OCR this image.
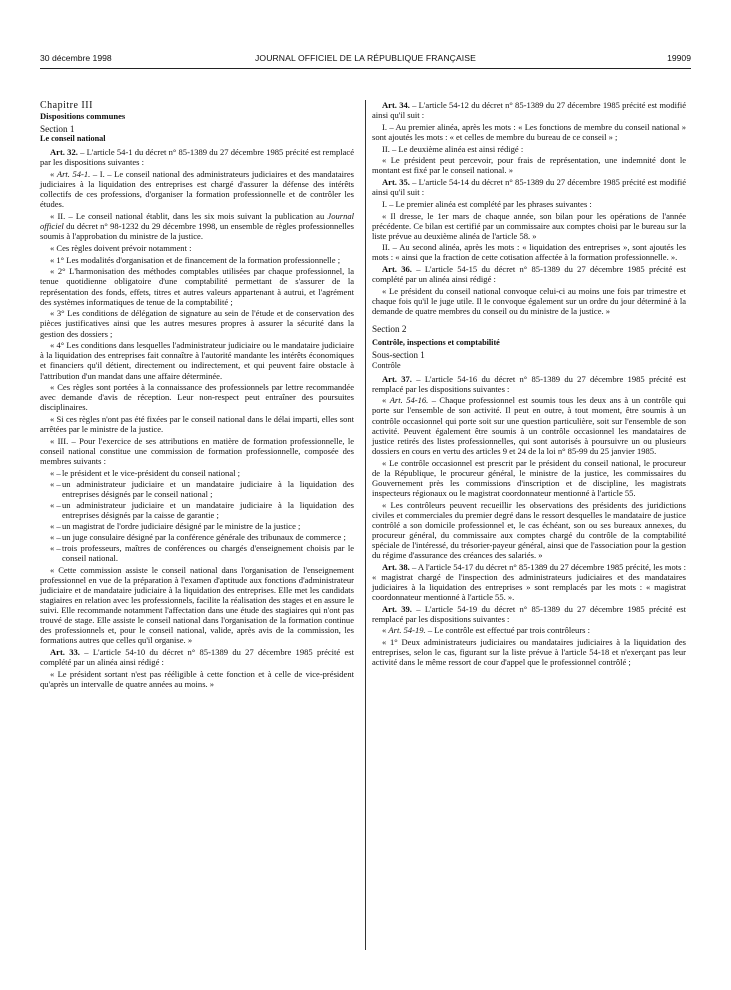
30 décembre 1998	JOURNAL OFFICIEL DE LA RÉPUBLIQUE FRANÇAISE	19909

Chapitre III

Dispositions communes

Section 1

Le conseil national

Art. 32. – L'article 54-1 du décret n° 85-1389 du 27 décembre 1985 précité est remplacé par les dispositions suivantes :

« Art. 54-1. – I. – Le conseil national des administrateurs judiciaires et des mandataires judiciaires à la liquidation des entreprises est chargé d'assurer la défense des intérêts collectifs de ces professions, d'organiser la formation professionnelle et de contrôler les études.

« II. – Le conseil national établit, dans les six mois suivant la publication au Journal officiel du décret n° 98-1232 du 29 décembre 1998, un ensemble de règles professionnelles soumis à l'approbation du ministre de la justice.

« Ces règles doivent prévoir notamment :

« 1° Les modalités d'organisation et de financement de la formation professionnelle ;

« 2° L'harmonisation des méthodes comptables utilisées par chaque professionnel, la tenue quotidienne obligatoire d'une comptabilité permettant de s'assurer de la représentation des fonds, effets, titres et autres valeurs appartenant à autrui, et l'agrément des systèmes informatiques de tenue de la comptabilité ;

« 3° Les conditions de délégation de signature au sein de l'étude et de conservation des pièces justificatives ainsi que les autres mesures propres à assurer la sécurité dans la gestion des dossiers ;

« 4° Les conditions dans lesquelles l'administrateur judiciaire ou le mandataire judiciaire à la liquidation des entreprises fait connaître à l'autorité mandante les intérêts économiques et financiers qu'il détient, directement ou indirectement, et qui peuvent faire obstacle à l'attribution d'un mandat dans une affaire déterminée.

« Ces règles sont portées à la connaissance des professionnels par lettre recommandée avec demande d'avis de réception. Leur non-respect peut entraîner des poursuites disciplinaires.

« Si ces règles n'ont pas été fixées par le conseil national dans le délai imparti, elles sont arrêtées par le ministre de la justice.

« III. – Pour l'exercice de ses attributions en matière de formation professionnelle, le conseil national constitue une commission de formation professionnelle, composée des membres suivants :

« – le président et le vice-président du conseil national ;
« – un administrateur judiciaire et un mandataire judiciaire à la liquidation des entreprises désignés par le conseil national ;
« – un administrateur judiciaire et un mandataire judiciaire à la liquidation des entreprises désignés par la caisse de garantie ;
« – un magistrat de l'ordre judiciaire désigné par le ministre de la justice ;
« – un juge consulaire désigné par la conférence générale des tribunaux de commerce ;
« – trois professeurs, maîtres de conférences ou chargés d'enseignement choisis par le conseil national.

« Cette commission assiste le conseil national dans l'organisation de l'enseignement professionnel en vue de la préparation à l'examen d'aptitude aux fonctions d'administrateur judiciaire et de mandataire judiciaire à la liquidation des entreprises. Elle met les candidats stagiaires en relation avec les professionnels, facilite la réalisation des stages et en assure le suivi. Elle recommande notamment l'affectation dans une étude des stagiaires qui n'ont pas trouvé de stage. Elle assiste le conseil national dans l'organisation de la formation continue des professionnels et, pour le conseil national, valide, après avis de la commission, les formations autres que celles qu'il organise. »

Art. 33. – L'article 54-10 du décret n° 85-1389 du 27 décembre 1985 précité est complété par un alinéa ainsi rédigé :

« Le président sortant n'est pas rééligible à cette fonction et à celle de vice-président qu'après un intervalle de quatre années au moins. »

Art. 34. – L'article 54-12 du décret n° 85-1389 du 27 décembre 1985 précité est modifié ainsi qu'il suit :

I. – Au premier alinéa, après les mots : « Les fonctions de membre du conseil national » sont ajoutés les mots : « et celles de membre du bureau de ce conseil » ;

II. – Le deuxième alinéa est ainsi rédigé :

« Le président peut percevoir, pour frais de représentation, une indemnité dont le montant est fixé par le conseil national. »

Art. 35. – L'article 54-14 du décret n° 85-1389 du 27 décembre 1985 précité est modifié ainsi qu'il suit :

I. – Le premier alinéa est complété par les phrases suivantes :

« Il dresse, le 1er mars de chaque année, son bilan pour les opérations de l'année précédente. Ce bilan est certifié par un commissaire aux comptes choisi par le bureau sur la liste prévue au deuxième alinéa de l'article 58. »

II. – Au second alinéa, après les mots : « liquidation des entreprises », sont ajoutés les mots : « ainsi que la fraction de cette cotisation affectée à la formation professionnelle. ».

Art. 36. – L'article 54-15 du décret n° 85-1389 du 27 décembre 1985 précité est complété par un alinéa ainsi rédigé :

« Le président du conseil national convoque celui-ci au moins une fois par trimestre et chaque fois qu'il le juge utile. Il le convoque également sur un ordre du jour déterminé à la demande de quatre membres du conseil ou du ministre de la justice. »

Section 2

Contrôle, inspections et comptabilité

Sous-section 1

Contrôle

Art. 37. – L'article 54-16 du décret n° 85-1389 du 27 décembre 1985 précité est remplacé par les dispositions suivantes :

« Art. 54-16. – Chaque professionnel est soumis tous les deux ans à un contrôle qui porte sur l'ensemble de son activité. Il peut en outre, à tout moment, être soumis à un contrôle occasionnel qui porte soit sur une question particulière, soit sur l'ensemble de son activité. Peuvent également être soumis à un contrôle occasionnel les mandataires de justice retirés des listes professionnelles, qui sont autorisés à poursuivre un ou plusieurs dossiers en cours en vertu des articles 9 et 24 de la loi n° 85-99 du 25 janvier 1985.

« Le contrôle occasionnel est prescrit par le président du conseil national, le procureur de la République, le procureur général, le ministre de la justice, les commissaires du Gouvernement près les commissions d'inscription et de discipline, les magistrats inspecteurs régionaux ou le magistrat coordonnateur mentionné à l'article 55.

« Les contrôleurs peuvent recueillir les observations des présidents des juridictions civiles et commerciales du premier degré dans le ressort desquelles le mandataire de justice contrôlé a son domicile professionnel et, le cas échéant, son ou ses bureaux annexes, du procureur général, du commissaire aux comptes chargé du contrôle de la comptabilité spéciale de l'intéressé, du trésorier-payeur général, ainsi que de l'association pour la gestion du régime d'assurance des créances des salariés. »

Art. 38. – A l'article 54-17 du décret n° 85-1389 du 27 décembre 1985 précité, les mots : « magistrat chargé de l'inspection des administrateurs judiciaires et des mandataires judiciaires à la liquidation des entreprises » sont remplacés par les mots : « magistrat coordonnateur mentionné à l'article 55. ».

Art. 39. – L'article 54-19 du décret n° 85-1389 du 27 décembre 1985 précité est remplacé par les dispositions suivantes :

« Art. 54-19. – Le contrôle est effectué par trois contrôleurs :

« 1° Deux administrateurs judiciaires ou mandataires judiciaires à la liquidation des entreprises, selon le cas, figurant sur la liste prévue à l'article 54-18 et n'exerçant pas leur activité dans le même ressort de cour d'appel que le professionnel contrôlé ;
